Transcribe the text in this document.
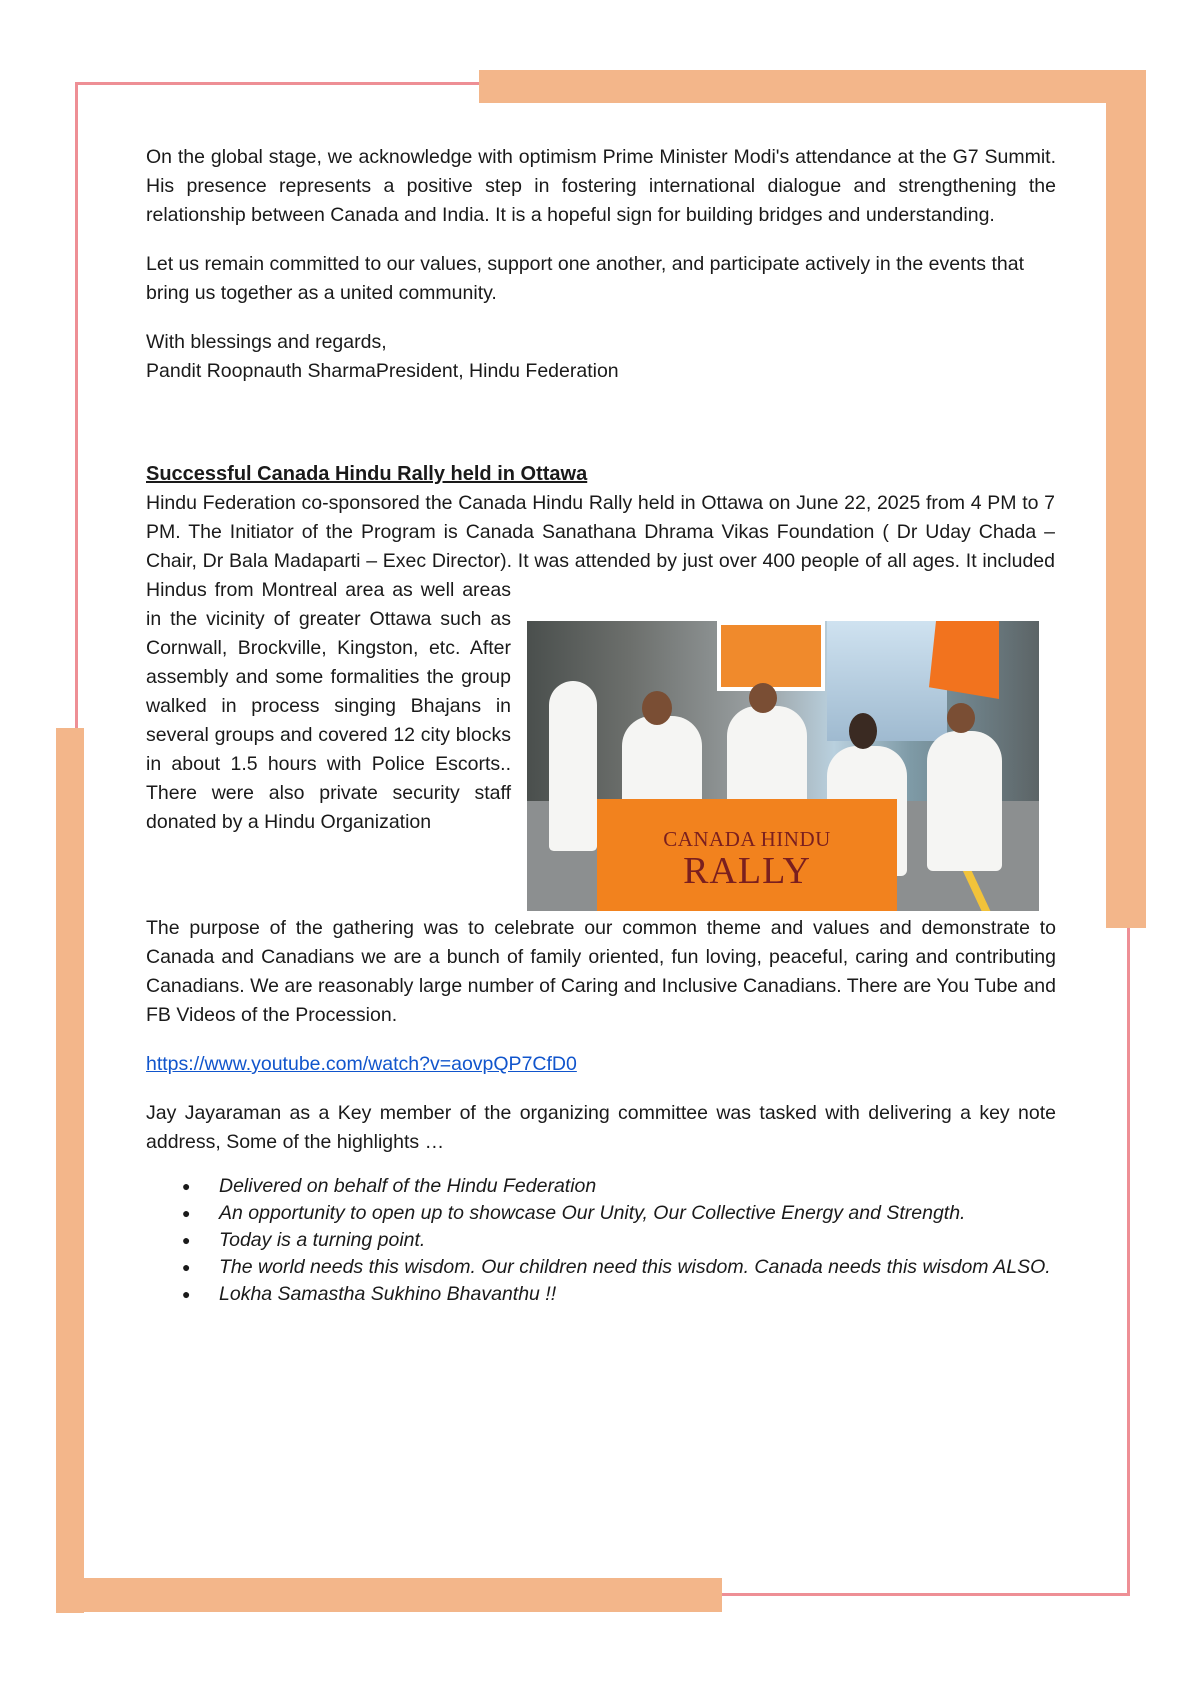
On the global stage, we acknowledge with optimism Prime Minister Modi's attendance at the G7 Summit. His presence represents a positive step in fostering international dialogue and strengthening the relationship between Canada and India. It is a hopeful sign for building bridges and understanding.

Let us remain committed to our values, support one another, and participate actively in the events that bring us together as a united community.

With blessings and regards,

Pandit Roopnauth SharmaPresident, Hindu Federation

Successful Canada Hindu Rally held in Ottawa

Hindu Federation co-sponsored the Canada Hindu Rally held in Ottawa on June 22, 2025 from 4 PM to 7 PM. The Initiator of the Program is Canada Sanathana Dhrama Vikas Foundation ( Dr Uday Chada – Chair, Dr Bala Madaparti – Exec Director). It was attended by just over 400 people of all ages. It included Hindus from Montreal area as well areas in the vicinity of greater Ottawa such as Cornwall, Brockville, Kingston, etc. After assembly and some formalities the group walked in process singing Bhajans in several groups and covered 12 city blocks in about 1.5 hours with Police Escorts.. There were also private security staff donated by a Hindu Organization

The purpose of the gathering was to celebrate our common theme and values and demonstrate to Canada and Canadians we are a bunch of family oriented, fun loving, peaceful, caring and contributing Canadians. We are reasonably large number of Caring and Inclusive Canadians. There are You Tube and FB Videos of the Procession.

https://www.youtube.com/watch?v=aovpQP7CfD0

Jay Jayaraman as a Key member of the organizing committee was tasked with delivering a key note address, Some of the highlights …

● Delivered on behalf of the Hindu Federation
● An opportunity to open up to showcase Our Unity, Our Collective Energy and Strength.
● Today is a turning point.
● The world needs this wisdom. Our children need this wisdom. Canada needs this wisdom ALSO.
● Lokha Samastha Sukhino Bhavanthu !!
CANADA HINDU
RALLY
